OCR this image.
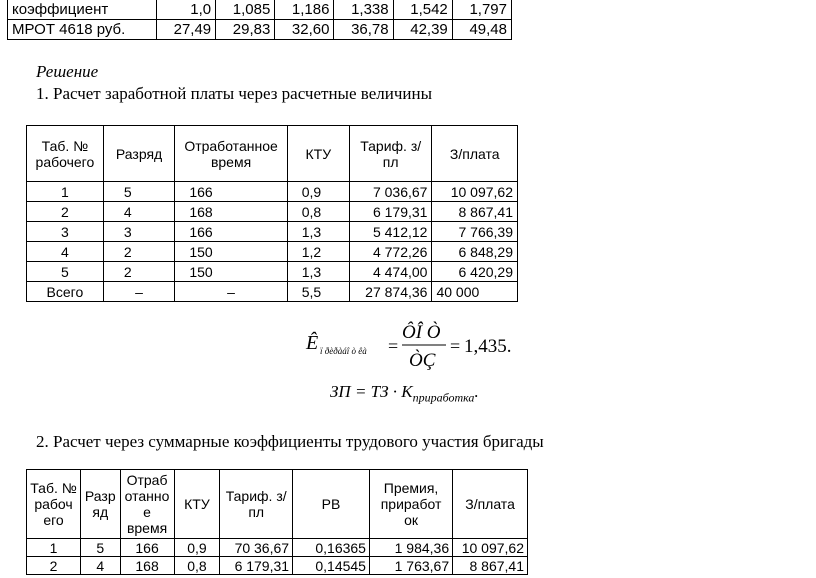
коэффициент	1,0	1,085	1,186	1,338	1,542	1,797
МРОТ 4618 руб.	27,49	29,83	32,60	36,78	42,39	49,48
Решение
1. Расчет заработной платы через расчетные величины
Таб. № рабочего	Разряд	Отработанное время	КТУ	Тариф. з/пл	З/плата
1	5	166	0,9	7 036,67	10 097,62
2	4	168	0,8	6 179,31	8 867,41
3	3	166	1,3	5 412,12	7 766,39
4	2	150	1,2	4 772,26	6 848,29
5	2	150	1,3	4 474,00	6 420,29
Всего	–	–	5,5	27 874,36	40 000
Ê ï ðèðàáî ò êà =
ÔÎ Ò
ÒÇ
= 1,435.
ЗП = ТЗ · $К_{приработка}$.
2. Расчет через суммарные коэффициенты трудового участия бригады
Таб. № рабоч его	Разр яд	Отраб отанно е время	КТУ	Тариф. з/пл	РВ	Премия, приработ ок	З/плата
1	5	166	0,9	70 36,67	0,16365	1 984,36	10 097,62
2	4	168	0,8	6 179,31	0,14545	1 763,67	8 867,41
